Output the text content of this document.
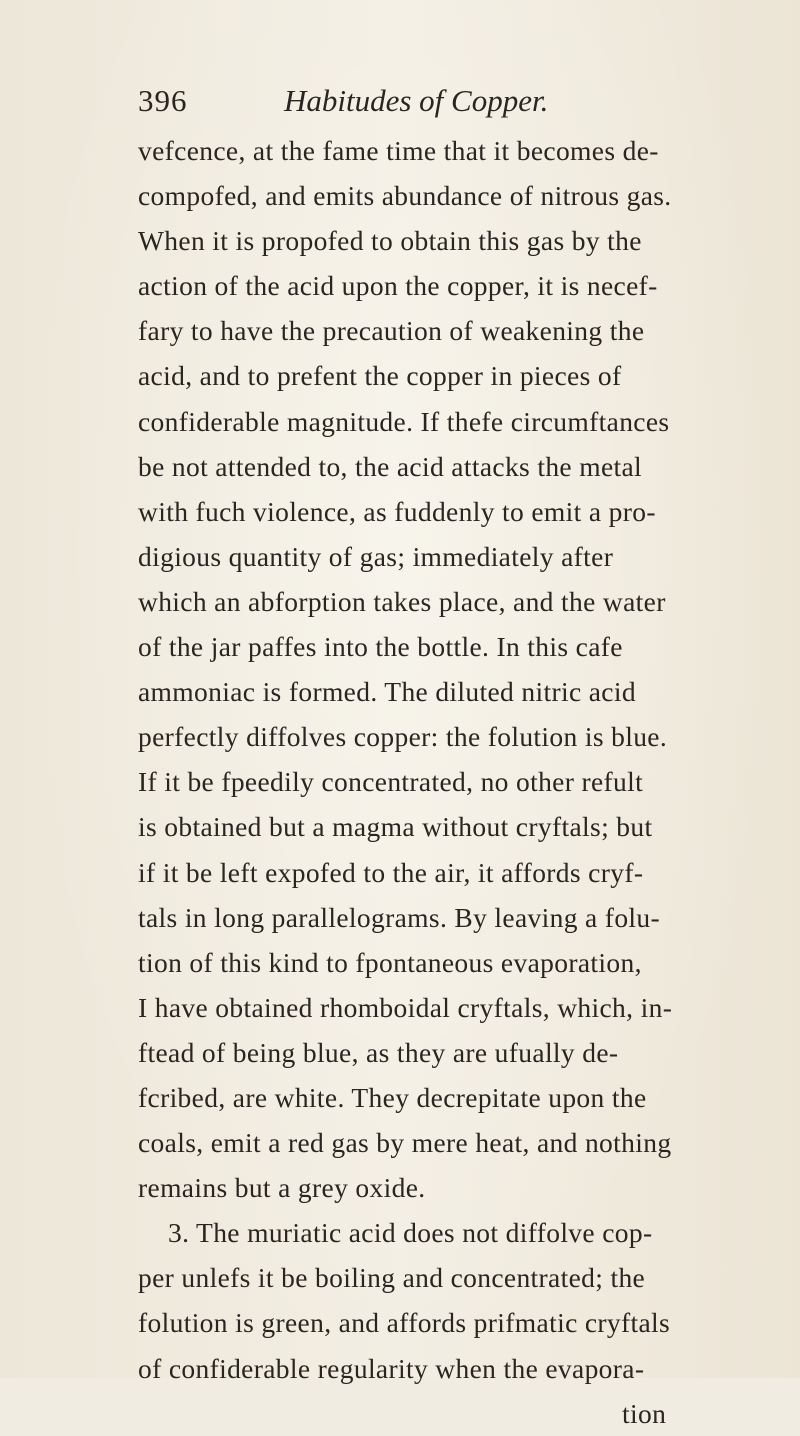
396	Habitudes of Copper.
vefcence, at the fame time that it becomes de-
compofed, and emits abundance of nitrous gas.
When it is propofed to obtain this gas by the
action of the acid upon the copper, it is necef-
fary to have the precaution of weakening the
acid, and to prefent the copper in pieces of
confiderable magnitude. If thefe circumftances
be not attended to, the acid attacks the metal
with fuch violence, as fuddenly to emit a pro-
digious quantity of gas; immediately after
which an abforption takes place, and the water
of the jar paffes into the bottle. In this cafe
ammoniac is formed. The diluted nitric acid
perfectly diffolves copper: the folution is blue.
If it be fpeedily concentrated, no other refult
is obtained but a magma without cryftals; but
if it be left expofed to the air, it affords cryf-
tals in long parallelograms. By leaving a folu-
tion of this kind to fpontaneous evaporation,
I have obtained rhomboidal cryftals, which, in-
ftead of being blue, as they are ufually de-
fcribed, are white. They decrepitate upon the
coals, emit a red gas by mere heat, and nothing
remains but a grey oxide.
3. The muriatic acid does not diffolve cop-
per unlefs it be boiling and concentrated; the
folution is green, and affords prifmatic cryftals
of confiderable regularity when the evapora-
tion
